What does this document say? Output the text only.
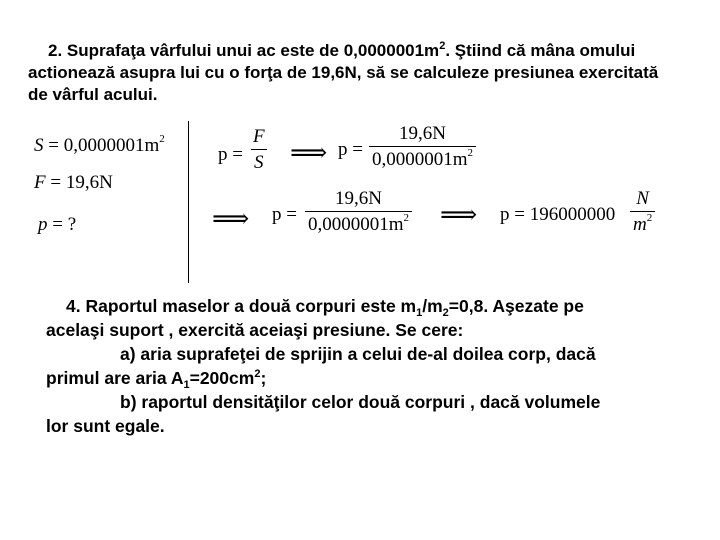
2. Suprafaţa vârfului unui ac este de $0,0000001m^2$. Ştiind că mâna omului
actionează asupra lui cu o forţa de 19,6N, să se calculeze presiunea exercitată
de vârful acului.
$S = 0,0000001m^2$
F = 19,6N
p = ?
$p = \frac{F}{S}$ ⟹ $p = \frac{19,6N}{0,0000001m^2}$
⟹ $p = \frac{19,6N}{0,0000001m^2}$ ⟹ $p = 196000000 \frac{N}{m^2}$
4. Raportul maselor a două corpuri este $m_1/m_2=0,8$. Aşezate pe
acelaşi suport , exercită aceiaşi presiune. Se cere:
a) aria suprafeţei de sprijin a celui de-al doilea corp, dacă
primul are aria $A_1=200cm^2$;
b) raportul densităţilor celor două corpuri , dacă volumele
lor sunt egale.
